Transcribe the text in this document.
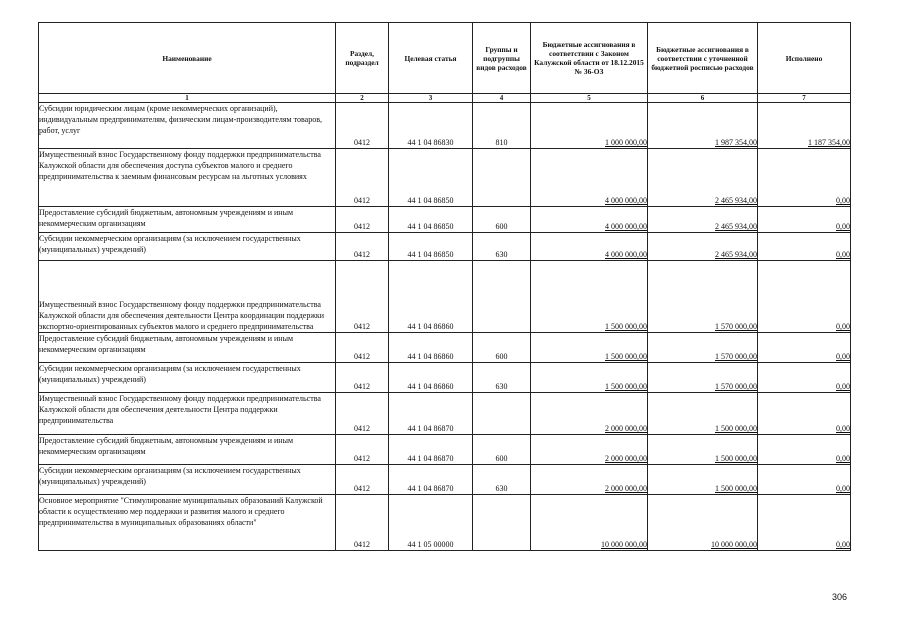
Наименование	Раздел, подраздел	Целевая статья	Группы и подгруппы видов расходов	Бюджетные ассигнования в соответствии с Законом Калужской области от 18.12.2015 № 36-ОЗ	Бюджетные ассигнования в соответствии с уточненной бюджетной росписью расходов	Исполнено
1	2	3	4	5	6	7
Субсидии юридическим лицам (кроме некоммерческих организаций), индивидуальным предпринимателям, физическим лицам-производителям товаров, работ, услуг	0412	44 1 04 86830	810	1 000 000,00	1 987 354,00	1 187 354,00
Имущественный взнос Государственному фонду поддержки предпринимательства Калужской области для обеспечения доступа субъектов малого и среднего предпринимательства к заемным финансовым ресурсам на льготных условиях	0412	44 1 04 86850		4 000 000,00	2 465 934,00	0,00
Предоставление субсидий бюджетным, автономным учреждениям и иным некоммерческим организациям	0412	44 1 04 86850	600	4 000 000,00	2 465 934,00	0,00
Субсидии некоммерческим организациям (за исключением государственных (муниципальных) учреждений)	0412	44 1 04 86850	630	4 000 000,00	2 465 934,00	0,00
Имущественный взнос Государственному фонду поддержки предпринимательства Калужской области для обеспечения деятельности Центра координации поддержки экспортно-ориентированных субъектов малого и среднего предпринимательства	0412	44 1 04 86860		1 500 000,00	1 570 000,00	0,00
Предоставление субсидий бюджетным, автономным учреждениям и иным некоммерческим организациям	0412	44 1 04 86860	600	1 500 000,00	1 570 000,00	0,00
Субсидии некоммерческим организациям (за исключением государственных (муниципальных) учреждений)	0412	44 1 04 86860	630	1 500 000,00	1 570 000,00	0,00
Имущественный взнос Государственному фонду поддержки предпринимательства Калужской области для обеспечения деятельности Центра поддержки предпринимательства	0412	44 1 04 86870		2 000 000,00	1 500 000,00	0,00
Предоставление субсидий бюджетным, автономным учреждениям и иным некоммерческим организациям	0412	44 1 04 86870	600	2 000 000,00	1 500 000,00	0,00
Субсидии некоммерческим организациям (за исключением государственных (муниципальных) учреждений)	0412	44 1 04 86870	630	2 000 000,00	1 500 000,00	0,00
Основное мероприятие "Стимулирование муниципальных образований Калужской области к осуществлению мер поддержки и развития малого и среднего предпринимательства в муниципальных образованиях области"	0412	44 1 05 00000		10 000 000,00	10 000 000,00	0,00
306
